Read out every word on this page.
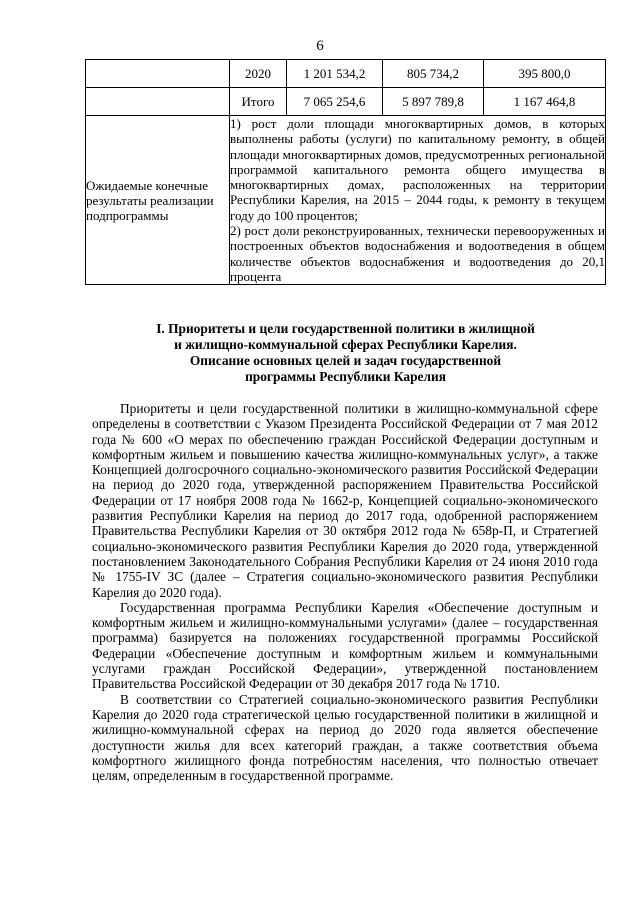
6
	2020	1 201 534,2	805 734,2	395 800,0
	Итого	7 065 254,6	5 897 789,8	1 167 464,8
Ожидаемые конечные результаты реализации подпрограммы	1) рост доли площади многоквартирных домов, в которых выполнены работы (услуги) по капитальному ремонту, в общей площади многоквартирных домов, предусмотренных региональной программой капитального ремонта общего имущества в многоквартирных домах, расположенных на территории Республики Карелия, на 2015 – 2044 годы, к ремонту в текущем году до 100 процентов;

2) рост доли реконструированных, технически перевооруженных и построенных объектов водоснабжения и водоотведения в общем количестве объектов водоснабжения и водоотведения до 20,1 процента			

I. Приоритеты и цели государственной политики в жилищной
и жилищно-коммунальной сферах Республики Карелия.
Описание основных целей и задач государственной
программы Республики Карелия

Приоритеты и цели государственной политики в жилищно-коммунальной сфере определены в соответствии с Указом Президента Российской Федерации от 7 мая 2012 года № 600 «О мерах по обеспечению граждан Российской Федерации доступным и комфортным жильем и повышению качества жилищно-коммунальных услуг», а также Концепцией долгосрочного социально-экономического развития Российской Федерации на период до 2020 года, утвержденной распоряжением Правительства Российской Федерации от 17 ноября 2008 года № 1662-р, Концепцией социально-экономического развития Республики Карелия на период до 2017 года, одобренной распоряжением Правительства Республики Карелия от 30 октября 2012 года № 658р-П, и Стратегией социально-экономического развития Республики Карелия до 2020 года, утвержденной постановлением Законодательного Собрания Республики Карелия от 24 июня 2010 года № 1755-IV ЗС (далее – Стратегия социально-экономического развития Республики Карелия до 2020 года).

Государственная программа Республики Карелия «Обеспечение доступным и комфортным жильем и жилищно-коммунальными услугами» (далее – государственная программа) базируется на положениях государственной программы Российской Федерации «Обеспечение доступным и комфортным жильем и коммунальными услугами граждан Российской Федерации», утвержденной постановлением Правительства Российской Федерации от 30 декабря 2017 года № 1710.

В соответствии со Стратегией социально-экономического развития Республики Карелия до 2020 года стратегической целью государственной политики в жилищной и жилищно-коммунальной сферах на период до 2020 года является обеспечение доступности жилья для всех категорий граждан, а также соответствия объема комфортного жилищного фонда потребностям населения, что полностью отвечает целям, определенным в государственной программе.
